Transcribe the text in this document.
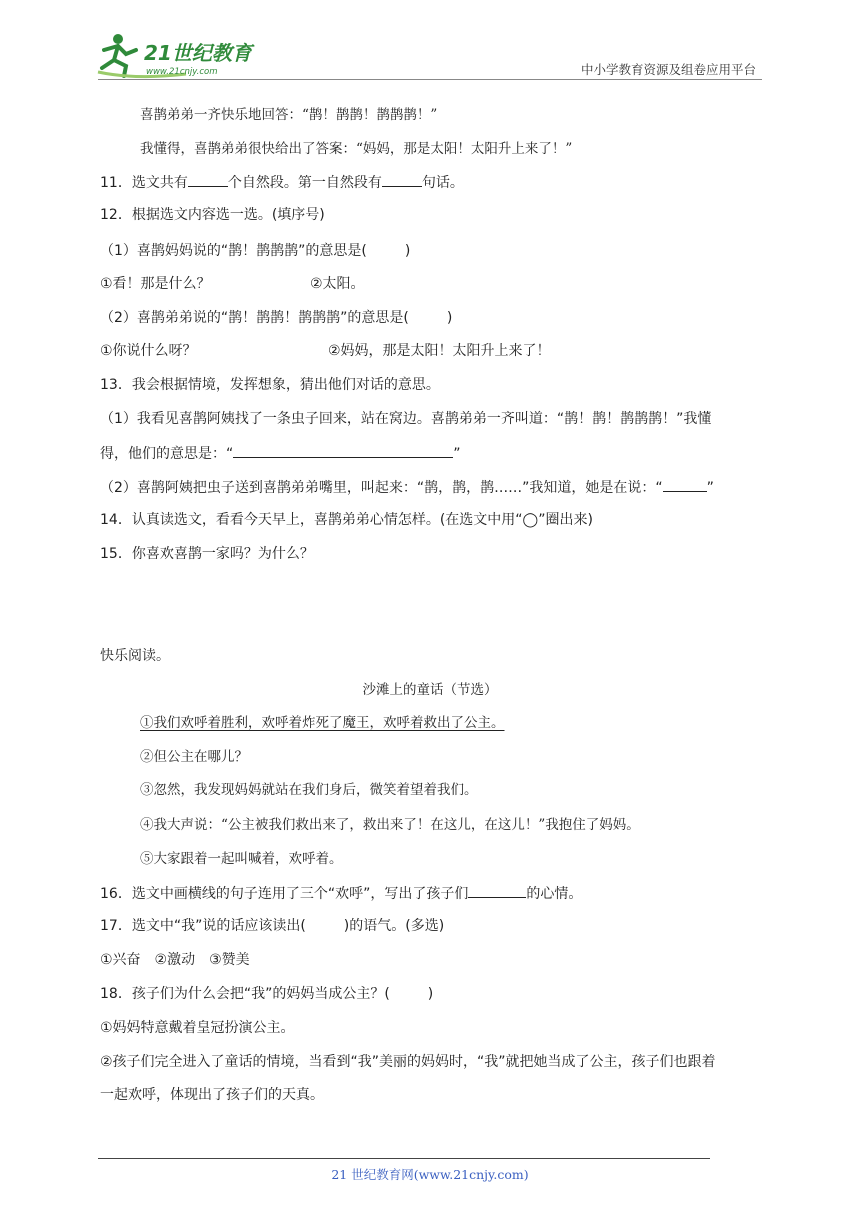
21世纪教育
www.21cnjy.com	中小学教育资源及组卷应用平台
喜鹊弟弟一齐快乐地回答：“鹊！鹊鹊！鹊鹊鹊！”
我懂得，喜鹊弟弟很快给出了答案：“妈妈，那是太阳！太阳升上来了！”
11．选文共有	个自然段。第一自然段有	句话。
12．根据选文内容选一选。(填序号)
（1）喜鹊妈妈说的“鹊！鹊鹊鹊”的意思是(	)
①看！那是什么？	②太阳。
（2）喜鹊弟弟说的“鹊！鹊鹊！鹊鹊鹊”的意思是(	)
①你说什么呀？	②妈妈，那是太阳！太阳升上来了！
13．我会根据情境，发挥想象，猜出他们对话的意思。
（1）我看见喜鹊阿姨找了一条虫子回来，站在窝边。喜鹊弟弟一齐叫道：“鹊！鹊！鹊鹊鹊！”我懂
得，他们的意思是：“	”
（2）喜鹊阿姨把虫子送到喜鹊弟弟嘴里，叫起来：“鹊，鹊，鹊……”我知道，她是在说：“	”
14．认真读选文，看看今天早上，喜鹊弟弟心情怎样。(在选文中用“◯”圈出来)
15．你喜欢喜鹊一家吗？为什么？
快乐阅读。
沙滩上的童话（节选）
①我们欢呼着胜利，欢呼着炸死了魔王，欢呼着救出了公主。
②但公主在哪儿？
③忽然，我发现妈妈就站在我们身后，微笑着望着我们。
④我大声说：“公主被我们救出来了，救出来了！在这儿，在这儿！”我抱住了妈妈。
⑤大家跟着一起叫喊着，欢呼着。
16．选文中画横线的句子连用了三个“欢呼”，写出了孩子们	的心情。
17．选文中“我”说的话应该读出(	)的语气。(多选)
①兴奋　②激动　③赞美
18．孩子们为什么会把“我”的妈妈当成公主？(	)
①妈妈特意戴着皇冠扮演公主。
②孩子们完全进入了童话的情境，当看到“我”美丽的妈妈时，“我”就把她当成了公主，孩子们也跟着
一起欢呼，体现出了孩子们的天真。
21 世纪教育网(www.21cnjy.com)
